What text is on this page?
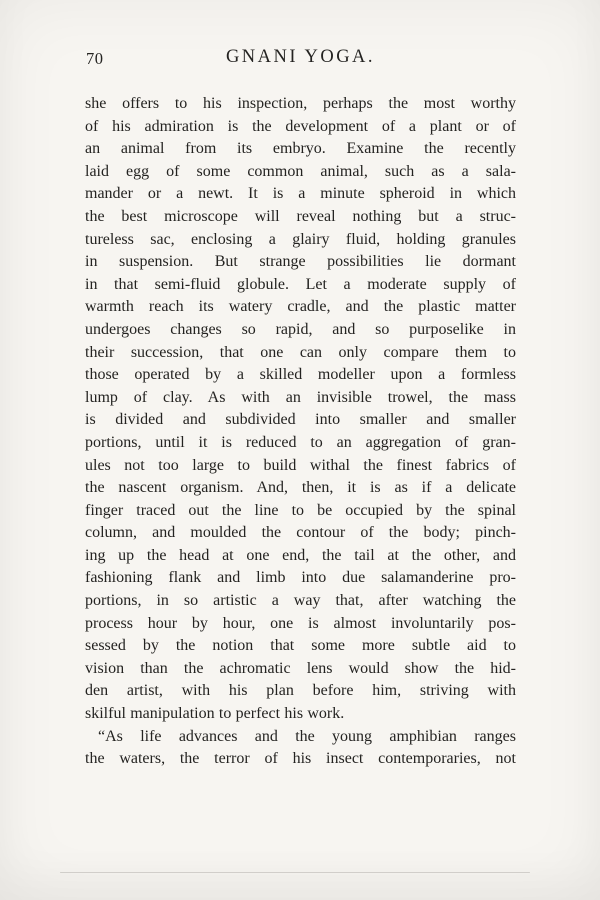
70	GNANI YOGA.
she offers to his inspection, perhaps the most worthy
of his admiration is the development of a plant or of
an animal from its embryo. Examine the recently
laid egg of some common animal, such as a sala-
mander or a newt. It is a minute spheroid in which
the best microscope will reveal nothing but a struc-
tureless sac, enclosing a glairy fluid, holding granules
in suspension. But strange possibilities lie dormant
in that semi-fluid globule. Let a moderate supply of
warmth reach its watery cradle, and the plastic matter
undergoes changes so rapid, and so purposelike in
their succession, that one can only compare them to
those operated by a skilled modeller upon a formless
lump of clay. As with an invisible trowel, the mass
is divided and subdivided into smaller and smaller
portions, until it is reduced to an aggregation of gran-
ules not too large to build withal the finest fabrics of
the nascent organism. And, then, it is as if a delicate
finger traced out the line to be occupied by the spinal
column, and moulded the contour of the body; pinch-
ing up the head at one end, the tail at the other, and
fashioning flank and limb into due salamanderine pro-
portions, in so artistic a way that, after watching the
process hour by hour, one is almost involuntarily pos-
sessed by the notion that some more subtle aid to
vision than the achromatic lens would show the hid-
den artist, with his plan before him, striving with
skilful manipulation to perfect his work.
“As life advances and the young amphibian ranges
the waters, the terror of his insect contemporaries, not
